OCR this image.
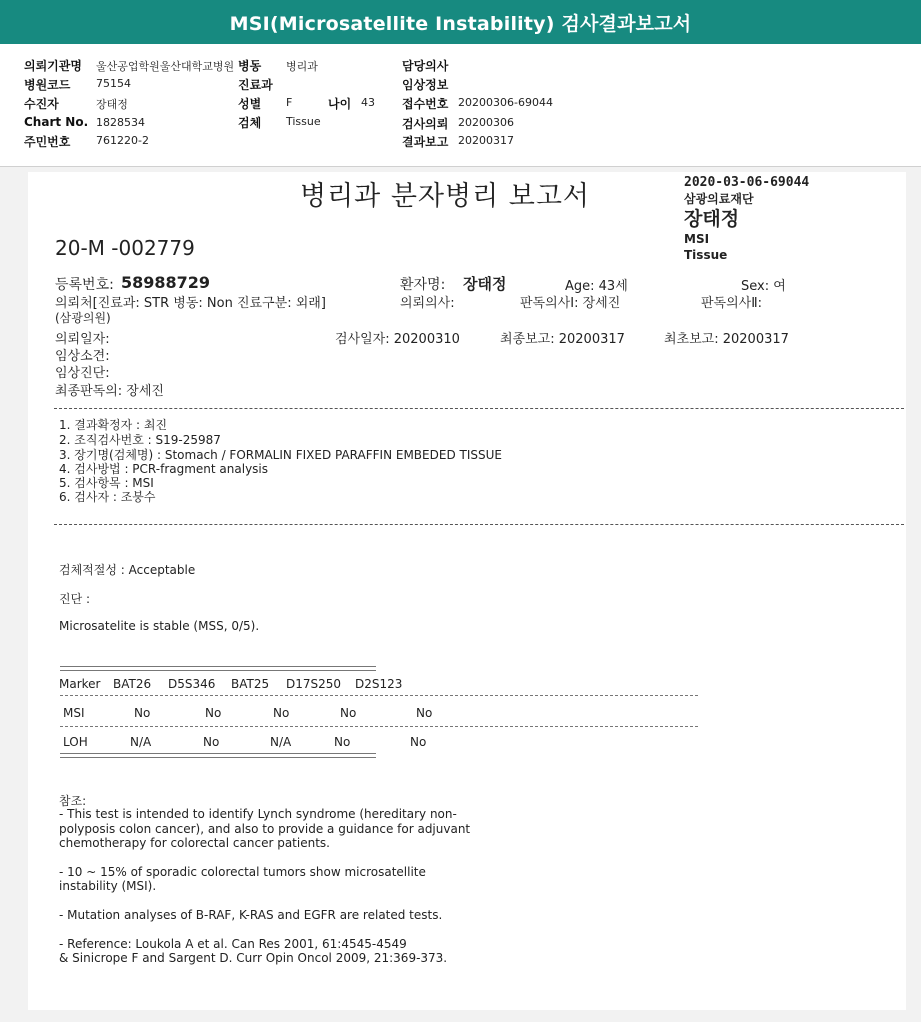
MSI(Microsatellite Instability) 검사결과보고서
의뢰기관명 울산공업학원울산대학교병원 병동 병리과	담당의사
병원코드 75154	진료과	임상정보
수진자	장태정	성별 F	나이 43 접수번호 20200306-69044
Chart No. 1828534	검체 Tissue	검사의뢰 20200306
주민번호 761220-2	결과보고 20200317
병리과 분자병리 보고서	2020-03-06-69044
삼광의료재단
장태정
MSI
Tissue
20-M -002779
등록번호: 58988729	환자명: 장태정	Age: 43세	Sex: 여
의뢰처[진료과: STR 병동: Non 진료구분: 외래]	의뢰의사:	판독의사Ⅰ: 장세진	판독의사Ⅱ:
(삼광의원)
의뢰일자:	검사일자: 20200310	최종보고: 20200317	최초보고: 20200317
임상소견:
임상진단:
최종판독의: 장세진
1. 결과확정자 : 최진
2. 조직검사번호 : S19-25987
3. 장기명(검체명) : Stomach / FORMALIN FIXED PARAFFIN EMBEDED TISSUE
4. 검사방법 : PCR-fragment analysis
5. 검사항목 : MSI
6. 검사자 : 조붕수
검체적절성 : Acceptable
진단 :
Microsatelite is stable (MSS, 0/5).
Marker BAT26 D5S346 BAT25 D17S250 D2S123
MSI	No	No	No	No	No
LOH	N/A	No	N/A	No	No
참조:
- This test is intended to identify Lynch syndrome (hereditary non-
polyposis colon cancer), and also to provide a guidance for adjuvant
chemotherapy for colorectal cancer patients.
- 10 ~ 15% of sporadic colorectal tumors show microsatellite
instability (MSI).
- Mutation analyses of B-RAF, K-RAS and EGFR are related tests.
- Reference: Loukola A et al. Can Res 2001, 61:4545-4549
& Sinicrope F and Sargent D. Curr Opin Oncol 2009, 21:369-373.
